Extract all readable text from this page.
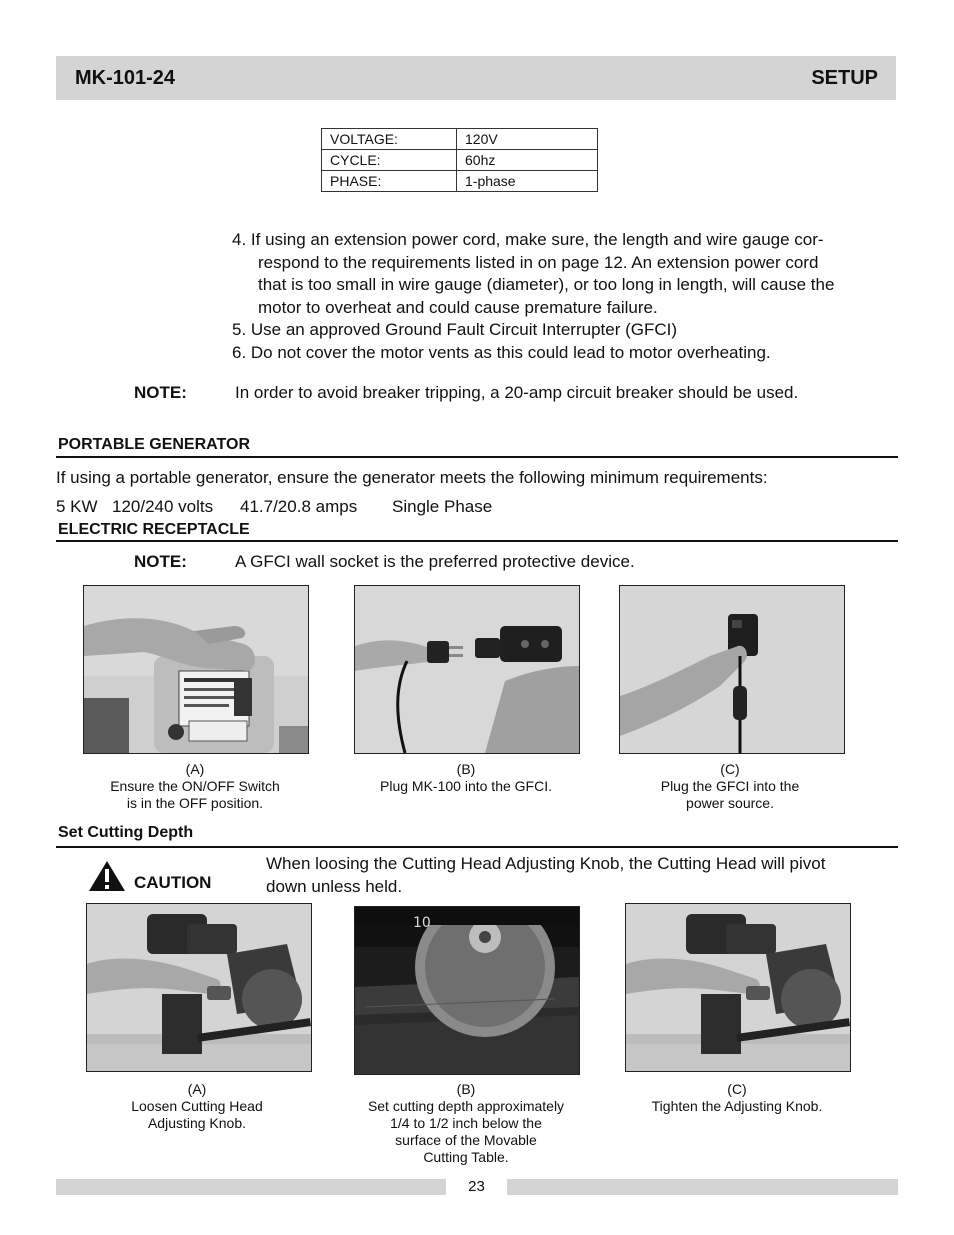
MK-101-24	SETUP
VOLTAGE:	120V
CYCLE:	60hz
PHASE:	1-phase
4. If using an extension power cord, make sure, the length and wire gauge cor-
respond to the requirements listed in on page 12. An extension power cord
that is too small in wire gauge (diameter), or too long in length, will cause the
motor to overheat and could cause premature failure.
5. Use an approved Ground Fault Circuit Interrupter (GFCI)
6. Do not cover the motor vents as this could lead to motor overheating.
NOTE:	In order to avoid breaker tripping, a 20-amp circuit breaker should be used.
PORTABLE GENERATOR
If using a portable generator, ensure the generator meets the following minimum requirements:
5 KW 120/240 volts 41.7/20.8 amps Single Phase
ELECTRIC RECEPTACLE
NOTE:	A GFCI wall socket is the preferred protective device.
(A)
Ensure the ON/OFF Switch
is in the OFF position.
(B)
Plug MK-100 into the GFCI.
(C)
Plug the GFCI into the
power source.
Set Cutting Depth
CAUTION
When loosing the Cutting Head Adjusting Knob, the Cutting Head will pivot
down unless held.
10
(A)
Loosen Cutting Head
Adjusting Knob.
(B)
Set cutting depth approximately
1/4 to 1/2 inch below the
surface of the Movable
Cutting Table.
(C)
Tighten the Adjusting Knob.
23
